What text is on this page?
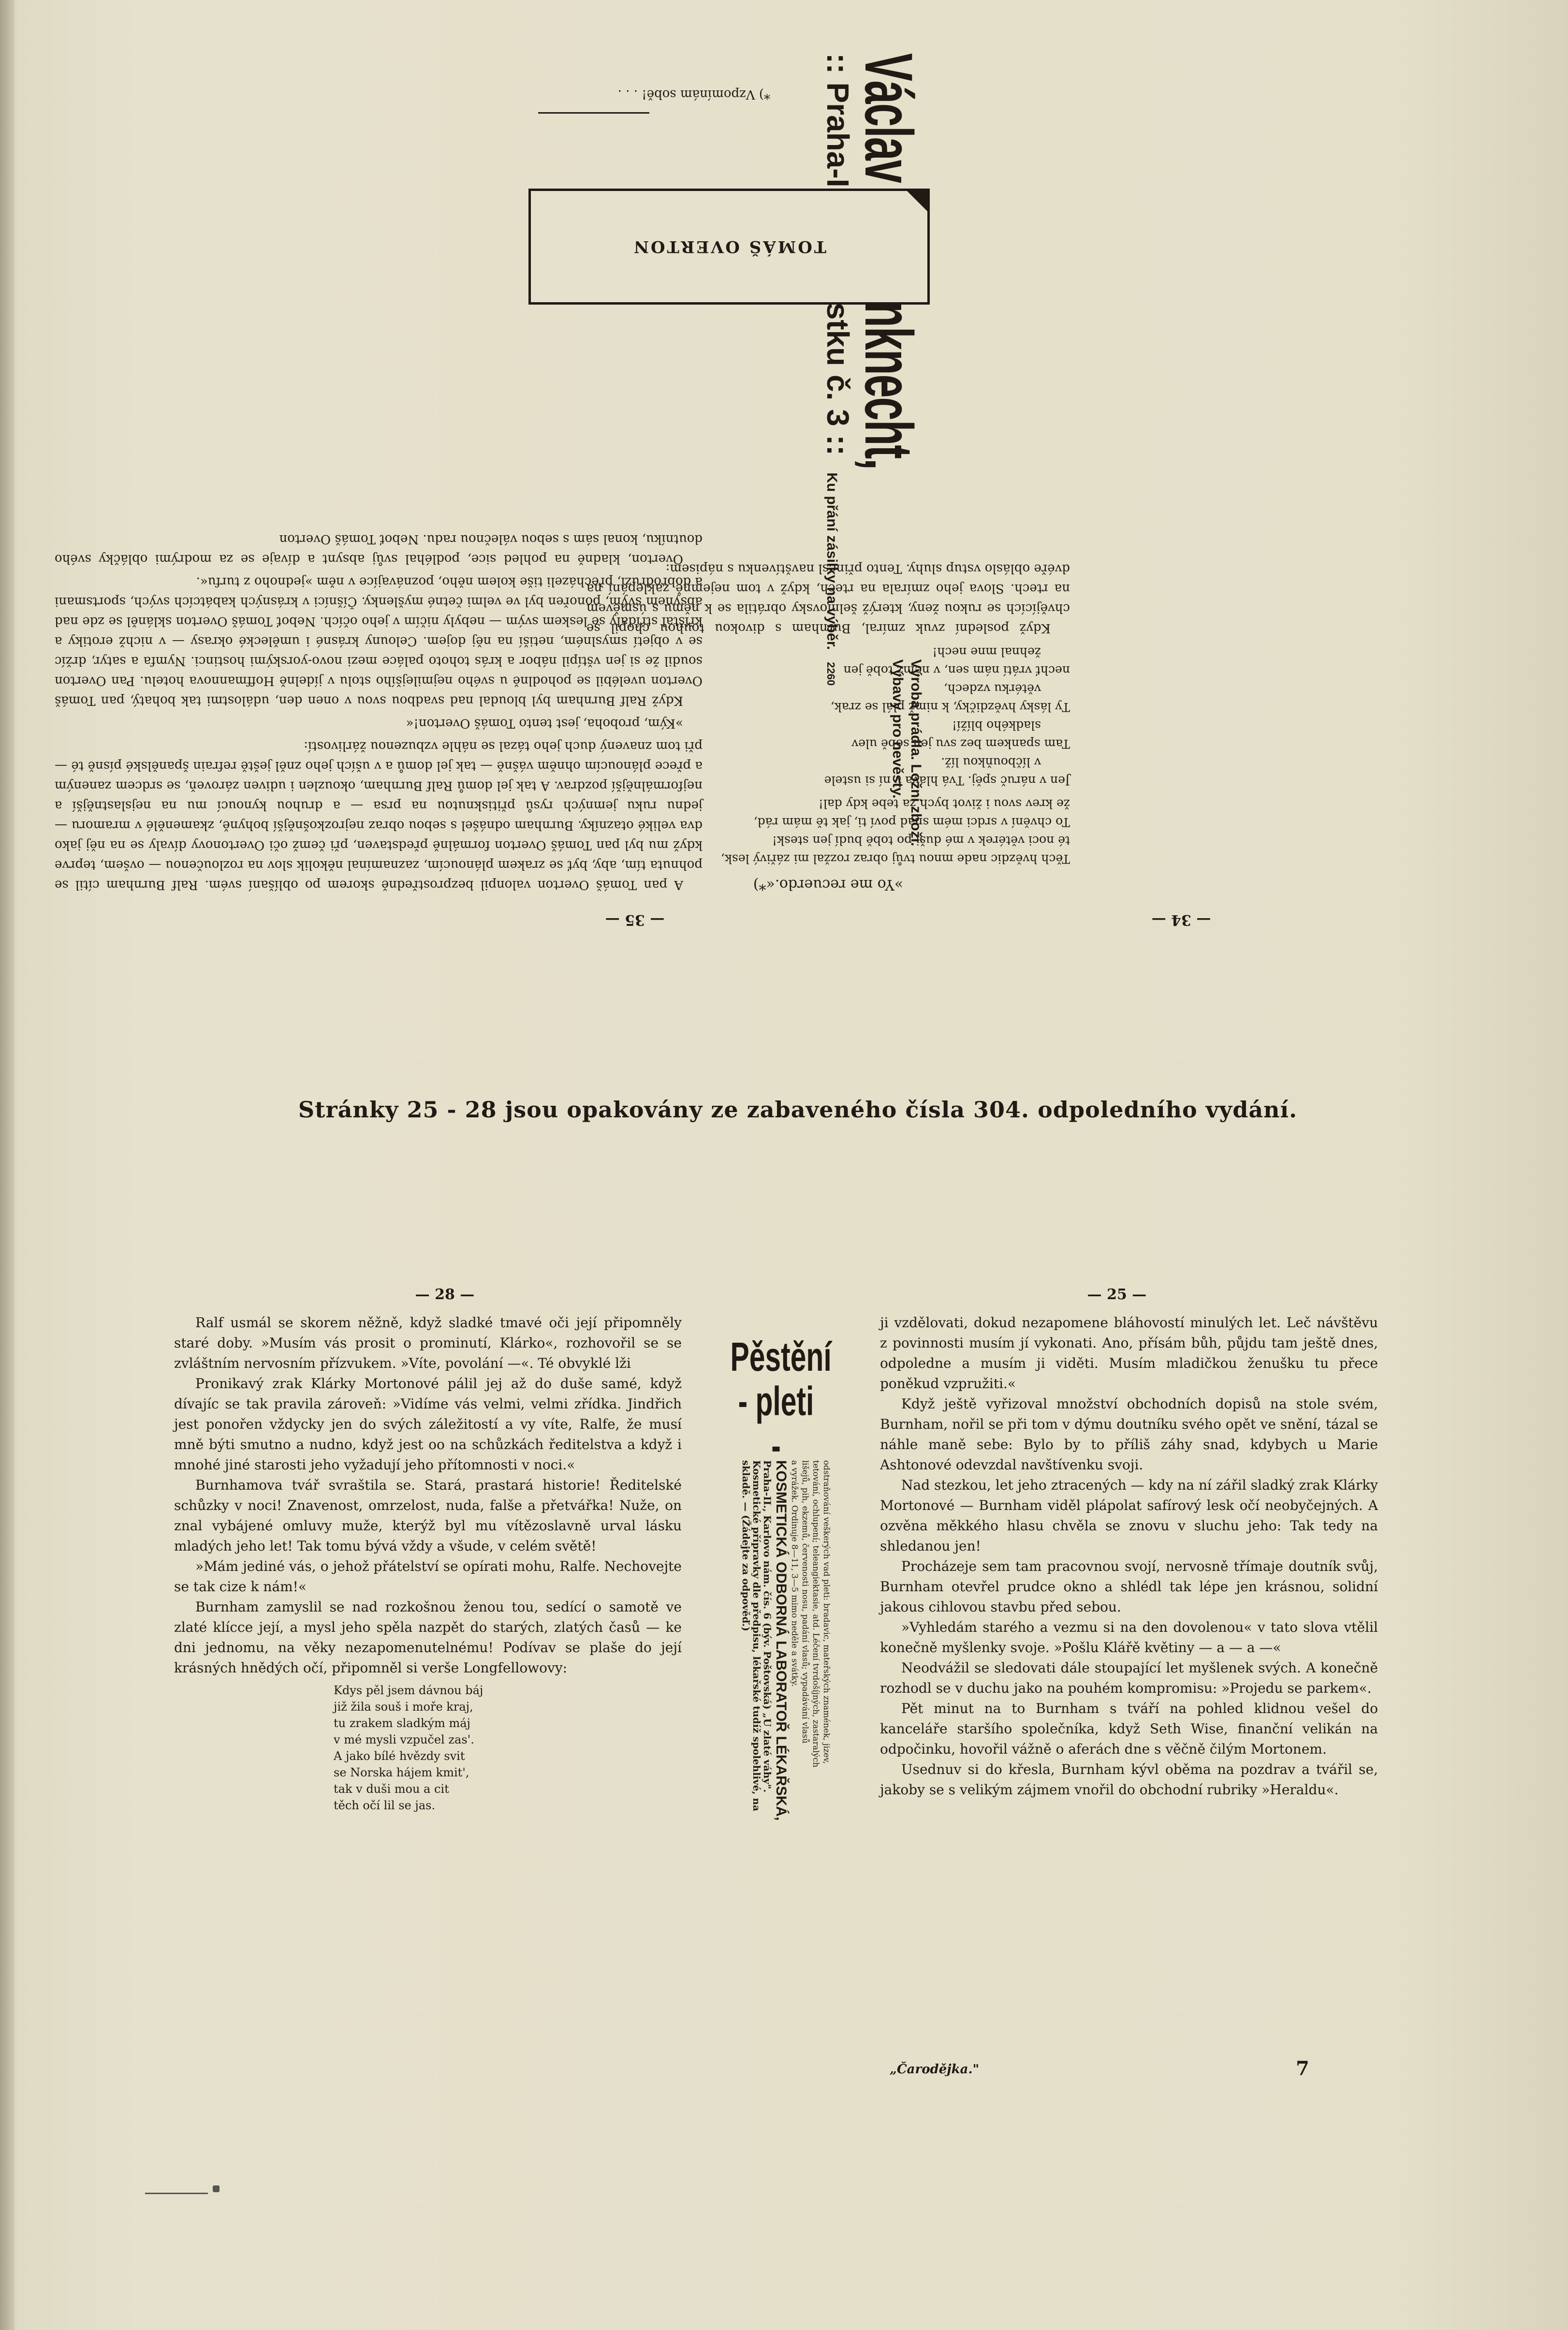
— 35 —

A pan Tomáš Overton valonpil bezprostředně skorem po oblíšaní svém. Ralf Burnham cítil se pohnuta tím, aby, byť se zrakem plánoucím, zaznamínal několik slov na rozloučenou — ovšem, teprve když mu byl pan Tomáš Overton formálně představen, při čemž oči Overtonovy dívaly se na něj jako dva veliké otazníky. Burnham odnášel s sebou obraz nejrozkošnější bohyně, zkamenělé v mramoru — jednu ruku jemných rysů přitisknutou na prsa — a druhou kynoucí mu na nejslastnější a nejformálnější pozdrav. A tak jel domů Ralf Burnham, okouzlen i udiven zároveň, se srdcem zaneným a přece plánoucím ohněm vášně — tak jel domů a v uších jeho zněl ještě refrain španělské písně té — při tom znavený duch jeho tázal se náhle vzbuzenou žárlivostí:

»Kým, proboha, jest tento Tomáš Overton!«

Když Ralf Burnham byl bloudal nad svadbou svou v onen den, událostmi tak bohatý, pan Tomáš Overton uvelébil se pohodlně u svého nejmilejšího stolu v jídelně Hoffmannova hotelu. Pan Overton soudil že si jen vštípil nábor a krás tohoto paláce mezi novo-yorskými hostinci. Nymfa a satyr, držíc se v objetí smyslném, netiší na něj dojem. Celouny krásné i umělecké okrasy — v nichž erotiky a křištál střídaly se leskem svým — nebyly ničím v jeho očích. Neboť Tomáš Overton skláněl se zde nad absynem svým, ponořen byl ve velmi četné myšlenky. Číšníci v krásných kabátcích svých, sportsmani a dobrodruzi, přecházeli tiše kolem něho, poznávajíce v něm »jednoho z turfu«.

Overton, kladně na pohled sice, podléhal svůj absynt a dívaje se za modrými obláčky svého doutníku, konal sám s sebou válečnou radu. Neboť Tomáš Overton

Výroba prádla. Ložní zboží.
Výbavy pro nevěsty.
Ku přání zásilky na výběr. 2260
— 34 —
»Yo me recuerdo.«*)
Těch hvězdic nade mnou tvůj obraz rozžal mi zářivý lesk,
té noci větérek v mé duši po tobě budí jen stesk!
To chvění v srdci mém snad poví ti, jak tě mám rád,
že krev svou i život bych za tebe kdy dal!
Jen v náruč spěj. Tvá hlava v ní si ustele
v líčbouňkou líž.
Tam spankem bez svu jen sobě ulev
sladkého blíží!
Ty lásky hvězdičky, k nimž plál se zrak,
větérku vzdech,
nechť vrátí nám sen, v němž tobě jen
žehnal mne nech!

Když poslední zvuk zmíral, Burnham s divokou touhou chopil se chvějících se rukou ženy, kterýž šelmovsky obrátila se k němu s úsměvem na rtech. Slova jeho zmírala na rtech, když v tom nejemně zaklepání na dvéře obláslo vstup sluhy. Tento přinesl navštívenku s nápisem:

TOMÁŠ OVERTON
*) Vzpomínám sobě! . . .
Stránky 25 - 28 jsou opakovány ze zabaveného čísla 304. odpoledního vydání.
— 28 —

Ralf usmál se skorem něžně, když sladké tmavé oči její připomněly staré doby. »Musím vás prosit o prominutí, Klárko«, rozhovořil se se zvláštním nervosním přízvukem. »Víte, povolání —«. Té obvyklé lži

Pronikavý zrak Klárky Mortonové pálil jej až do duše samé, když dívajíc se tak pravila zároveň: »Vidíme vás velmi, velmi zřídka. Jindřich jest ponořen vždycky jen do svých záležitostí a vy víte, Ralfe, že musí mně býti smutno a nudno, když jest oo na schůzkách ředitelstva a když i mnohé jiné starosti jeho vyžadují jeho přítomnosti v noci.«

Burnhamova tvář svraštila se. Stará, prastará historie! Ředitelské schůzky v noci! Znavenost, omrzelost, nuda, falše a přetvářka! Nuže, on znal vybájené omluvy muže, kterýž byl mu vítězoslavně urval lásku mladých jeho let! Tak tomu bývá vždy a všude, v celém světě!

»Mám jediné vás, o jehož přátelství se opírati mohu, Ralfe. Nechovejte se tak cize k nám!«

Burnham zamyslil se nad rozkošnou ženou tou, sedící o samotě ve zlaté klícce její, a mysl jeho spěla nazpět do starých, zlatých časů — ke dni jednomu, na věky nezapomenutelnému! Podívav se plaše do její krásných hnědých očí, připomněl si verše Longfellowovy:

Kdys pěl jsem dávnou báj
již žila souš i moře kraj,
tu zrakem sladkým máj
v mé mysli vzpučel zas'.
A jako bílé hvězdy svit
se Norska hájem kmit',
tak v duši mou a cit
těch očí lil se jas.
Pěstění
- pleti -
odstraňování veškerých vad pleti: bradavic, mateřských znamének, jizev,
tetování, ochlupení; teleangiektasie, atd. Léčení tvrdošíjných, zastaralých
lišejů, pih, ekzemů, červenosti nosu, padání vlasů; vypadávání vlasů
a vyrážek. Ordinuje 8—11, 3—5 mimo neděle a svátky.
KOSMETICKÁ ODBORNÁ LABORATOŘ LÉKAŘSKÁ,
Praha-II., Karlovo nám. čís. 6 (býv. Poštovská) „U zlaté váhy".
Kosmetické přípravky dle předpisu, lékařské tudíž spolehlivé, na
skladě. — (Žádejte za odpověď.)
— 25 —

ji vzdělovati, dokud nezapomene bláhovostí minulých let. Leč návštěvu z povinnosti musím jí vykonati. Ano, přísám bůh, půjdu tam ještě dnes, odpoledne a musím ji viděti. Musím mladičkou ženušku tu přece poněkud vzpružiti.«

Když ještě vyřizoval množství obchodních dopisů na stole svém, Burnham, nořil se při tom v dýmu doutníku svého opět ve snění, tázal se náhle maně sebe: Bylo by to příliš záhy snad, kdybych u Marie Ashtonové odevzdal navštívenku svoji.

Nad stezkou, let jeho ztracených — kdy na ní zářil sladký zrak Klárky Mortonové — Burnham viděl plápolat safírový lesk očí neobyčejných. A ozvěna měkkého hlasu chvěla se znovu v sluchu jeho: Tak tedy na shledanou jen!

Procházeje sem tam pracovnou svojí, nervosně třímaje doutník svůj, Burnham otevřel prudce okno a shlédl tak lépe jen krásnou, solidní jakous cihlovou stavbu před sebou.

»Vyhledám starého a vezmu si na den dovolenou« v tato slova vtělil konečně myšlenky svoje. »Pošlu Klářě květiny — a — a —«

Neodvážil se sledovati dále stoupající let myšlenek svých. A konečně rozhodl se v duchu jako na pouhém kompromisu: »Projedu se parkem«.

Pět minut na to Burnham s tváří na pohled klidnou vešel do kanceláře staršího společníka, když Seth Wise, finanční velikán na odpočinku, hovořil vážně o aferách dne s věčně čilým Mortonem.

Usednuv si do křesla, Burnham kývl oběma na pozdrav a tvářil se, jakoby se s velikým zájmem vnořil do obchodní rubriky »Heraldu«.

„Čarodějka."	7
